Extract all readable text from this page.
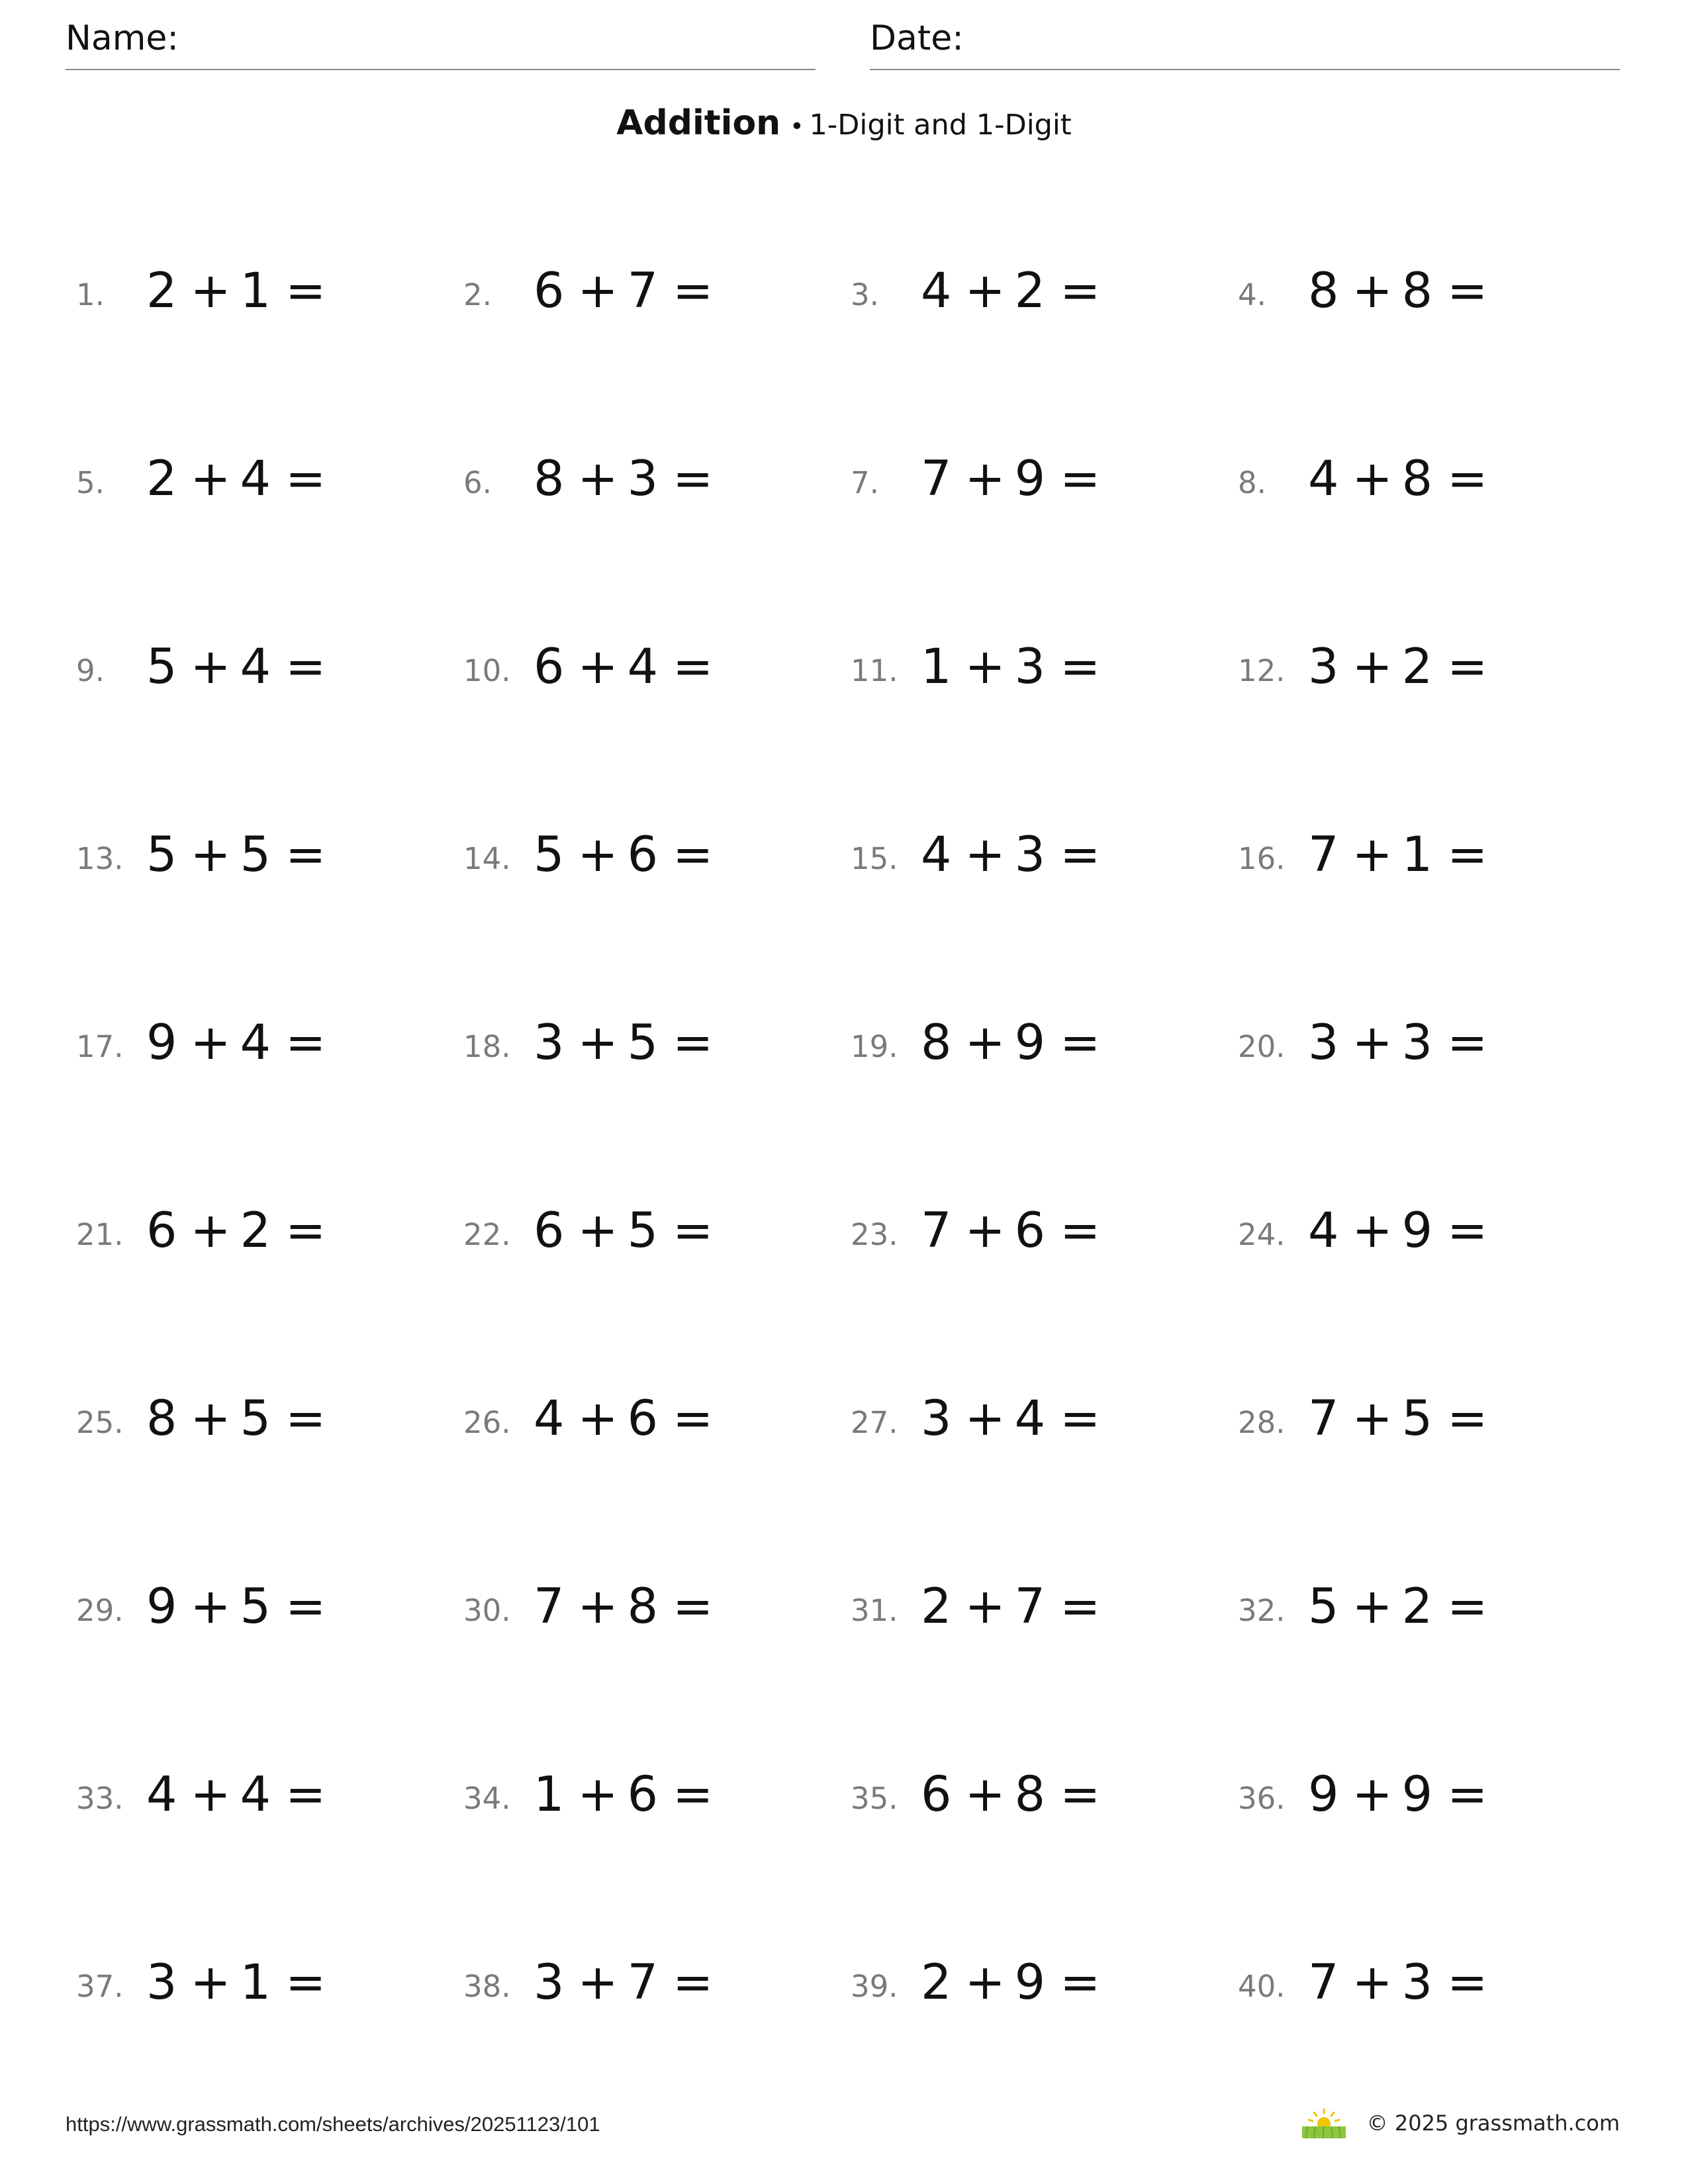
Name:	Date:
Addition • 1-Digit and 1-Digit
1. 2 + 1 =	2. 6 + 7 =	3. 4 + 2 =	4. 8 + 8 =
5. 2 + 4 =	6. 8 + 3 =	7. 7 + 9 =	8. 4 + 8 =
9. 5 + 4 =	10. 6 + 4 =	11. 1 + 3 =	12. 3 + 2 =
13. 5 + 5 =	14. 5 + 6 =	15. 4 + 3 =	16. 7 + 1 =
17. 9 + 4 =	18. 3 + 5 =	19. 8 + 9 =	20. 3 + 3 =
21. 6 + 2 =	22. 6 + 5 =	23. 7 + 6 =	24. 4 + 9 =
25. 8 + 5 =	26. 4 + 6 =	27. 3 + 4 =	28. 7 + 5 =
29. 9 + 5 =	30. 7 + 8 =	31. 2 + 7 =	32. 5 + 2 =
33. 4 + 4 =	34. 1 + 6 =	35. 6 + 8 =	36. 9 + 9 =
37. 3 + 1 =	38. 3 + 7 =	39. 2 + 9 =	40. 7 + 3 =
https://www.grassmath.com/sheets/archives/20251123/101	© 2025 grassmath.com
